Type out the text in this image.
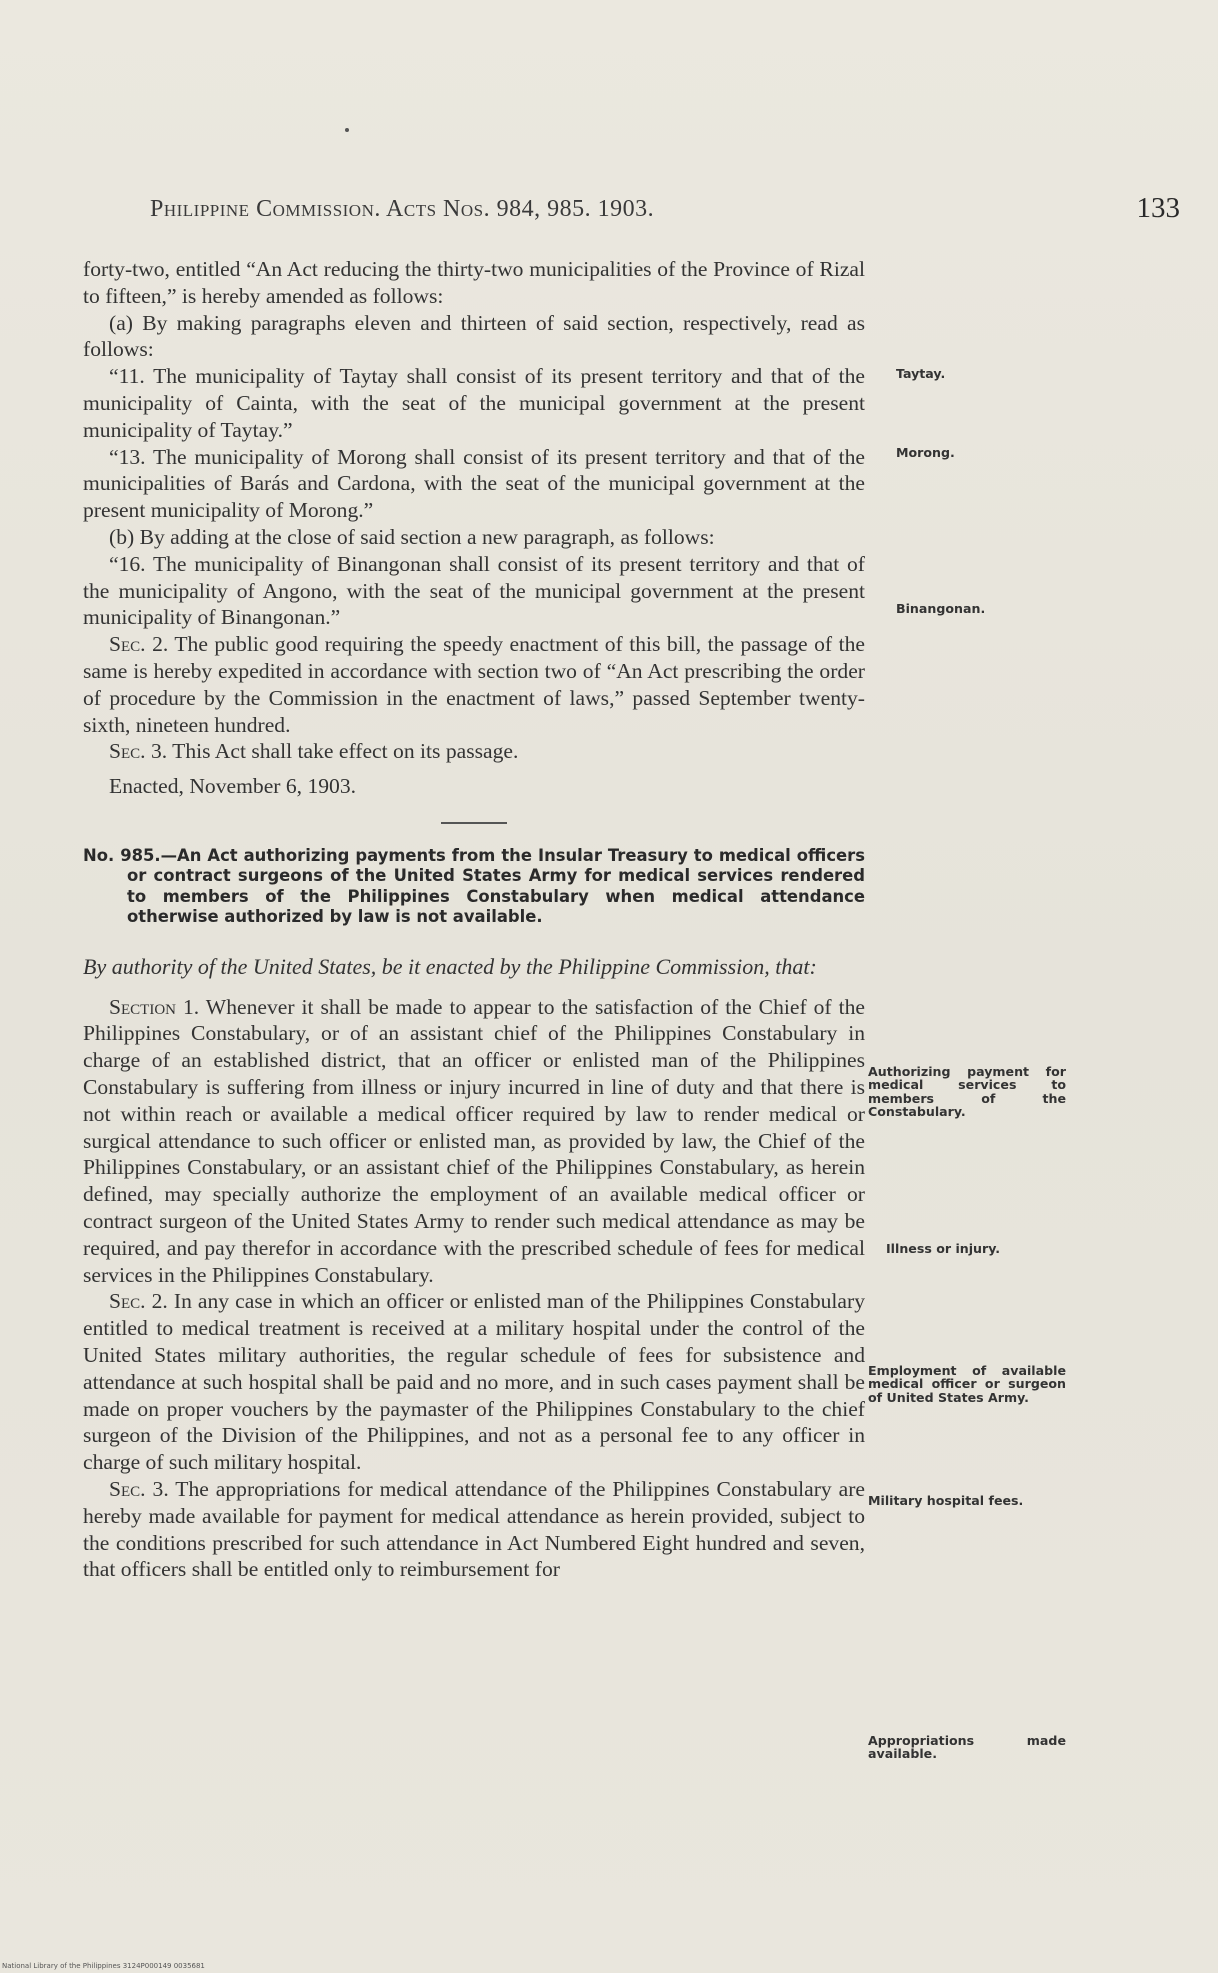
Philippine Commission. Acts Nos. 984, 985. 1903.	133

forty-two, entitled “An Act reducing the thirty-two municipalities of the Province of Rizal to fifteen,” is hereby amended as follows:

(a) By making paragraphs eleven and thirteen of said section, respectively, read as follows:

“11. The municipality of Taytay shall consist of its present territory and that of the municipality of Cainta, with the seat of the municipal government at the present municipality of Taytay.”

“13. The municipality of Morong shall consist of its present territory and that of the municipalities of Barás and Cardona, with the seat of the municipal government at the present municipality of Morong.”

(b) By adding at the close of said section a new paragraph, as follows:

“16. The municipality of Binangonan shall consist of its present territory and that of the municipality of Angono, with the seat of the municipal government at the present municipality of Binangonan.”

Sec. 2. The public good requiring the speedy enactment of this bill, the passage of the same is hereby expedited in accordance with section two of “An Act prescribing the order of procedure by the Commission in the enactment of laws,” passed September twenty-sixth, nineteen hundred.

Sec. 3. This Act shall take effect on its passage.

Enacted, November 6, 1903.

No. 985.—An Act authorizing payments from the Insular Treasury to medical officers or contract surgeons of the United States Army for medical services rendered to members of the Philippines Constabulary when medical attendance otherwise authorized by law is not available.

By authority of the United States, be it enacted by the Philippine Commission, that:

Section 1. Whenever it shall be made to appear to the satisfaction of the Chief of the Philippines Constabulary, or of an assistant chief of the Philippines Constabulary in charge of an established district, that an officer or enlisted man of the Philippines Constabulary is suffering from illness or injury incurred in line of duty and that there is not within reach or available a medical officer required by law to render medical or surgical attendance to such officer or enlisted man, as provided by law, the Chief of the Philippines Constabulary, or an assistant chief of the Philippines Constabulary, as herein defined, may specially authorize the employment of an available medical officer or contract surgeon of the United States Army to render such medical attendance as may be required, and pay therefor in accordance with the prescribed schedule of fees for medical services in the Philippines Constabulary.

Sec. 2. In any case in which an officer or enlisted man of the Philippines Constabulary entitled to medical treatment is received at a military hospital under the control of the United States military authorities, the regular schedule of fees for subsistence and attendance at such hospital shall be paid and no more, and in such cases payment shall be made on proper vouchers by the paymaster of the Philippines Constabulary to the chief surgeon of the Division of the Philippines, and not as a personal fee to any officer in charge of such military hospital.

Sec. 3. The appropriations for medical attendance of the Philippines Constabulary are hereby made available for payment for medical attendance as herein provided, subject to the conditions prescribed for such attendance in Act Numbered Eight hundred and seven, that officers shall be entitled only to reimbursement for

Taytay.
Morong.
Binangonan.
Authorizing payment for medical services to members of the Constabulary.
Illness or injury.
Employment of available medical officer or surgeon of United States Army.
Military hospital fees.
Appropriations made available.
National Library of the Philippines 3124P000149 0035681
